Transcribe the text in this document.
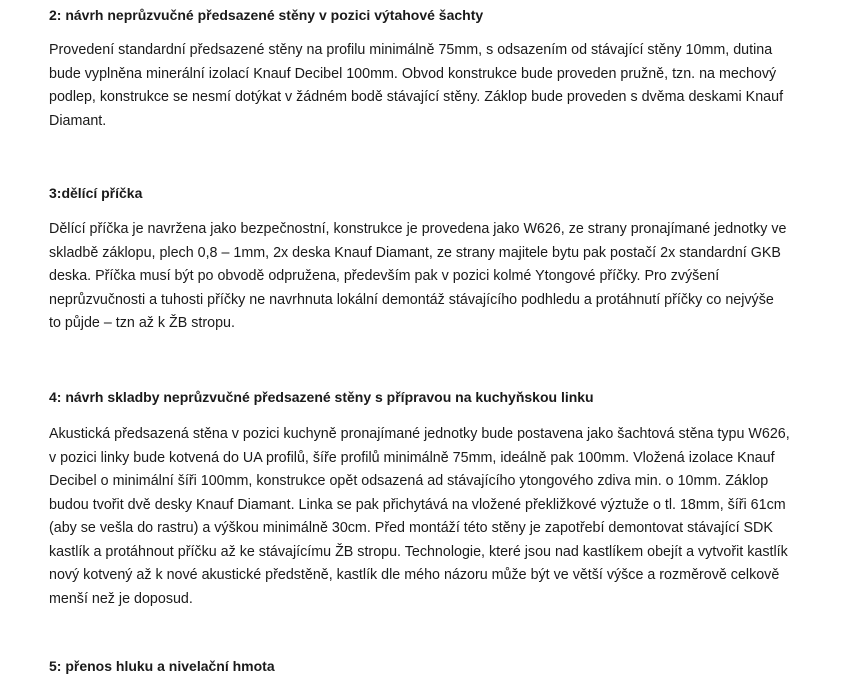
2: návrh neprůzvučné předsazené stěny v pozici výtahové šachty
Provedení standardní předsazené stěny na profilu minimálně 75mm, s odsazením od stávající stěny 10mm, dutina
bude vyplněna minerální izolací Knauf Decibel 100mm. Obvod konstrukce bude proveden pružně, tzn. na mechový
podlep, konstrukce se nesmí dotýkat v žádném bodě stávající stěny. Záklop bude proveden s dvěma deskami Knauf
Diamant.
3:dělící příčka
Dělící příčka je navržena jako bezpečnostní, konstrukce je provedena jako W626, ze strany pronajímané jednotky ve
skladbě záklopu, plech 0,8 – 1mm, 2x deska Knauf Diamant, ze strany majitele bytu pak postačí 2x standardní GKB
deska. Příčka musí být po obvodě odpružena, především pak v pozici kolmé Ytongové příčky. Pro zvýšení
neprůzvučnosti a tuhosti příčky ne navrhnuta lokální demontáž stávajícího podhledu a protáhnutí příčky co nejvýše
to půjde – tzn až k ŽB stropu.
4: návrh skladby neprůzvučné předsazené stěny s přípravou na kuchyňskou linku
Akustická předsazená stěna v pozici kuchyně pronajímané jednotky bude postavena jako šachtová stěna typu W626,
v pozici linky bude kotvená do UA profilů, šíře profilů minimálně 75mm, ideálně pak 100mm. Vložená izolace Knauf
Decibel o minimální šíři 100mm, konstrukce opět odsazená ad stávajícího ytongového zdiva min. o 10mm. Záklop
budou tvořit dvě desky Knauf Diamant. Linka se pak přichytává na vložené překližkové výztuže o tl. 18mm, šíři 61cm
(aby se vešla do rastru) a výškou minimálně 30cm. Před montáží této stěny je zapotřebí demontovat stávající SDK
kastlík a protáhnout příčku až ke stávajícímu ŽB stropu. Technologie, které jsou nad kastlíkem obejít a vytvořit kastlík
nový kotvený až k nové akustické předstěně, kastlík dle mého názoru může být ve větší výšce a rozměrově celkově
menší než je doposud.
5: přenos hluku a nivelační hmota
